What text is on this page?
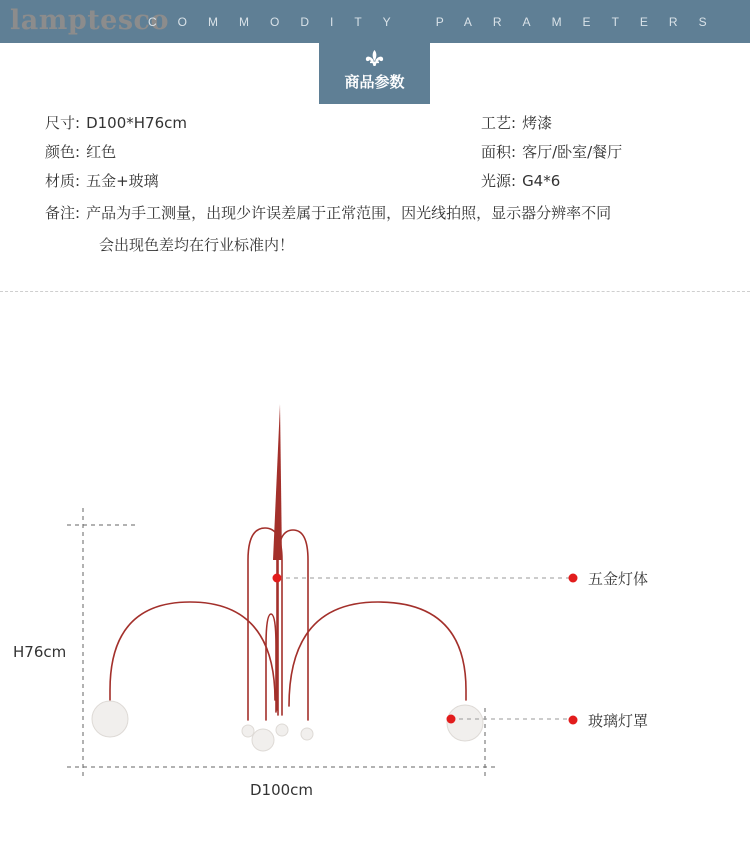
lamptesco
COMMODITY PARAMETERS
商品参数
尺寸: D100*H76cm	工艺: 烤漆
颜色: 红色	面积: 客厅/卧室/餐厅
材质: 五金+玻璃	光源: G4*6
备注: 产品为手工测量，出现少许误差属于正常范围，因光线拍照，显示器分辨率不同
会出现色差均在行业标准内！
H76cm
D100cm
五金灯体
玻璃灯罩
